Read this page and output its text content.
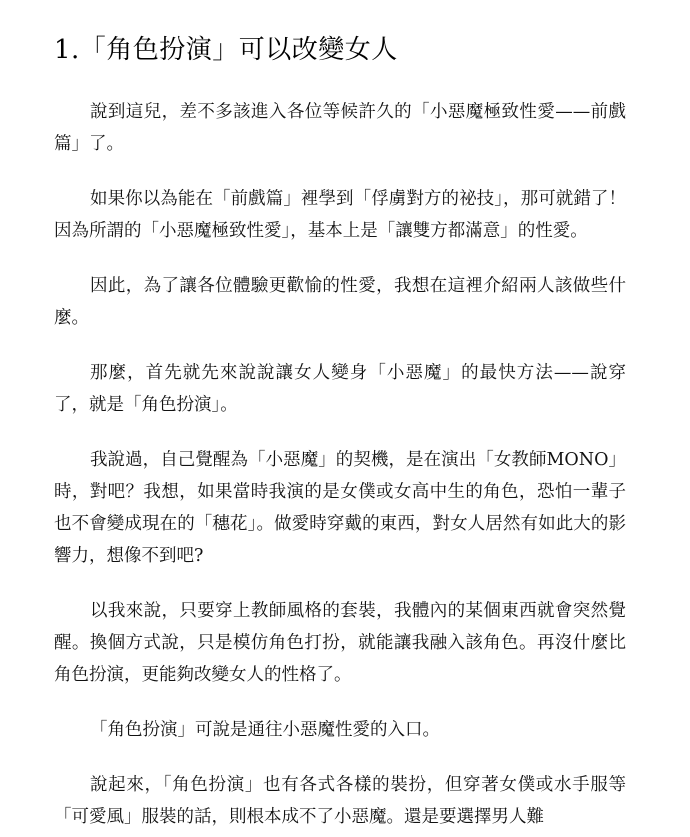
1.「角色扮演」可以改變女人

說到這兒，差不多該進入各位等候許久的「小惡魔極致性愛——前戲篇」了。

如果你以為能在「前戲篇」裡學到「俘虜對方的祕技」，那可就錯了！因為所謂的「小惡魔極致性愛」，基本上是「讓雙方都滿意」的性愛。

因此，為了讓各位體驗更歡愉的性愛，我想在這裡介紹兩人該做些什麼。

那麼，首先就先來說說讓女人變身「小惡魔」的最快方法——說穿了，就是「角色扮演」。

我說過，自己覺醒為「小惡魔」的契機，是在演出「女教師MONO」時，對吧？我想，如果當時我演的是女僕或女高中生的角色，恐怕一輩子也不會變成現在的「穗花」。做愛時穿戴的東西，對女人居然有如此大的影響力，想像不到吧?

以我來說，只要穿上教師風格的套裝，我體內的某個東西就會突然覺醒。換個方式說，只是模仿角色打扮，就能讓我融入該角色。再沒什麼比角色扮演，更能夠改變女人的性格了。

「角色扮演」可說是通往小惡魔性愛的入口。

說起來，「角色扮演」也有各式各樣的裝扮，但穿著女僕或水手服等「可愛風」服裝的話，則根本成不了小惡魔。還是要選擇男人難
